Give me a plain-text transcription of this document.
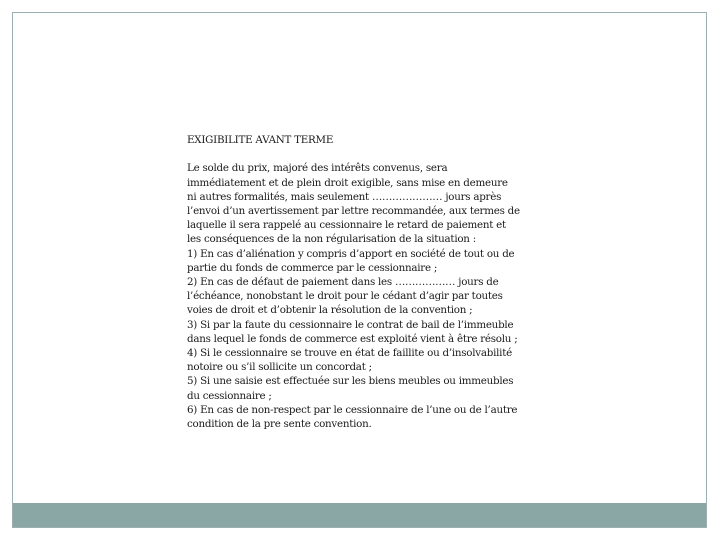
EXIGIBILITE AVANT TERME
Le solde du prix, majoré des intérêts convenus, sera
immédiatement et de plein droit exigible, sans mise en demeure
ni autres formalités, mais seulement ………………… jours après
l’envoi d’un avertissement par lettre recommandée, aux termes de
laquelle il sera rappelé au cessionnaire le retard de paiement et
les conséquences de la non régularisation de la situation :
1) En cas d’aliénation y compris d’apport en société de tout ou de
partie du fonds de commerce par le cessionnaire ;
2) En cas de défaut de paiement dans les ……………… jours de
l’échéance, nonobstant le droit pour le cédant d’agir par toutes
voies de droit et d’obtenir la résolution de la convention ;
3) Si par la faute du cessionnaire le contrat de bail de l’immeuble
dans lequel le fonds de commerce est exploité vient à être résolu ;
4) Si le cessionnaire se trouve en état de faillite ou d’insolvabilité
notoire ou s’il sollicite un concordat ;
5) Si une saisie est effectuée sur les biens meubles ou immeubles
du cessionnaire ;
6) En cas de non-respect par le cessionnaire de l’une ou de l’autre
condition de la pre sente convention.
